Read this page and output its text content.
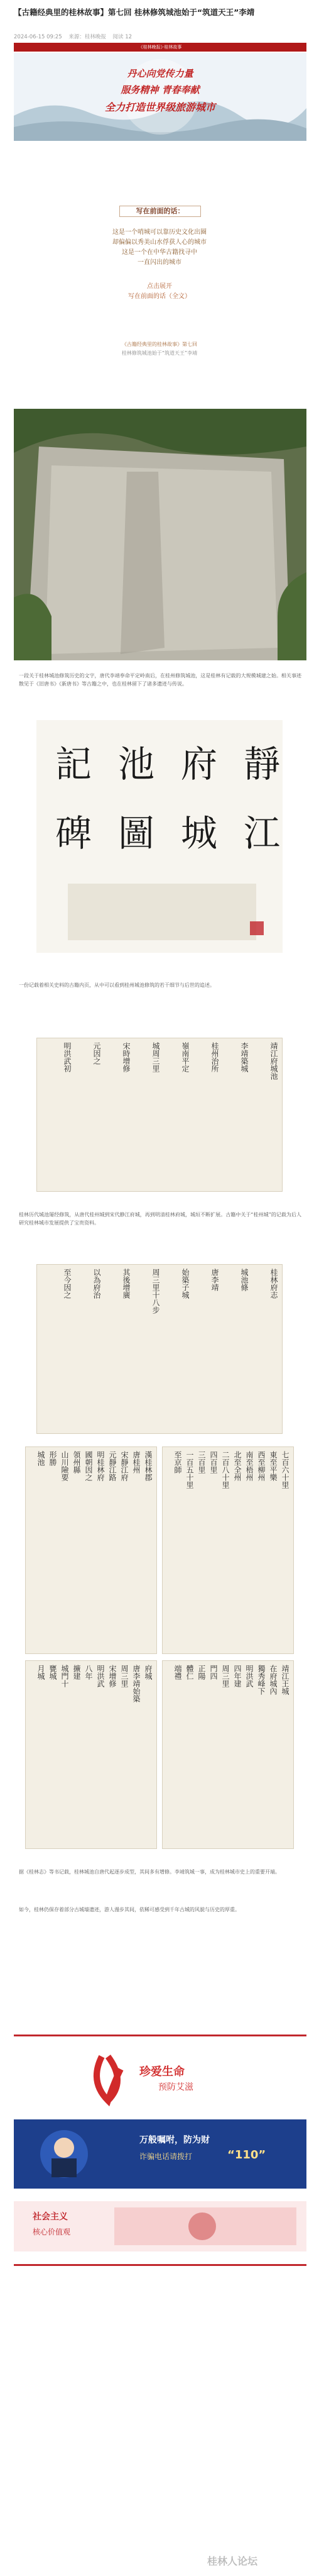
【古籍经典里的桂林故事】第七回 桂林修筑城池始于“筑道天王”李靖
2024-06-15 09:25 来源：桂林晚报 阅读 12
《桂林晚报》·桂林故事
丹心向党传力量
服务精神 青春奉献
全力打造世界级旅游城市
写在前面的话：
这是一个哨城可以靠历史文化出圈
却偏偏以秀美山水俘获人心的城市
这是一个在中华古籍找寻中
一直闪出的城市
点击展开
写在前面的话（全文）
《古籍经典里的桂林故事》第七回
桂林修筑城池始于“筑道天王”李靖
一段关于桂林城池修筑历史的文字，唐代李靖奉命平定岭南后，在桂州修筑城池，这是桂林有记载的大规模城建之始。相关事迹散见于《旧唐书》《新唐书》等古籍之中，也在桂林留下了诸多遗迹与传说。
靜
江
府
城
池
圖
記
碑
一份记载着相关史料的古籍内页，从中可以看到桂州城池修筑的若干细节与后世的追述。
靖江府城池
李靖築城
桂州治所
嶺南平定
城周三里
宋時增修
元因之
明洪武初
桂林历代城池屡经修筑，从唐代桂州城到宋代静江府城，再到明清桂林府城，城垣不断扩展。古籍中关于“桂州城”的记载为后人研究桂林城市发展提供了宝贵资料。
桂林府志
城池條
唐李靖
始築子城
周三里十八步
其後增廣
以為府治
至今因之
漢桂林郡
唐桂州
宋靜江府
元靜江路
明桂林府
國朝因之
領州縣
山川險要
形勝
城池	七百六十里
東至平樂
西至柳州
南至梧州
北至全州
二百八十里
四百里
三百里
一百五十里
至京師
府城
唐李靖始築
周三里
宋增修
明洪武
八年
擴建
城門十
甕城
月城	靖江王城
在府城內
獨秀峰下
明洪武
四年建
周三里
門四
正陽
體仁
端禮
据《桂林志》等书记载，桂林城池自唐代起逐步成型，其间多有增修。李靖筑城一事，成为桂林城市史上的重要开端。
如今，桂林仍保存着部分古城墙遗迹，游人漫步其间，依稀可感受到千年古城的风貌与历史的厚重。
珍爱生命
预防艾滋
万般嘱咐，防为财
诈骗电话请拨打	“110”
社会主义
核心价值观
桂林人论坛
